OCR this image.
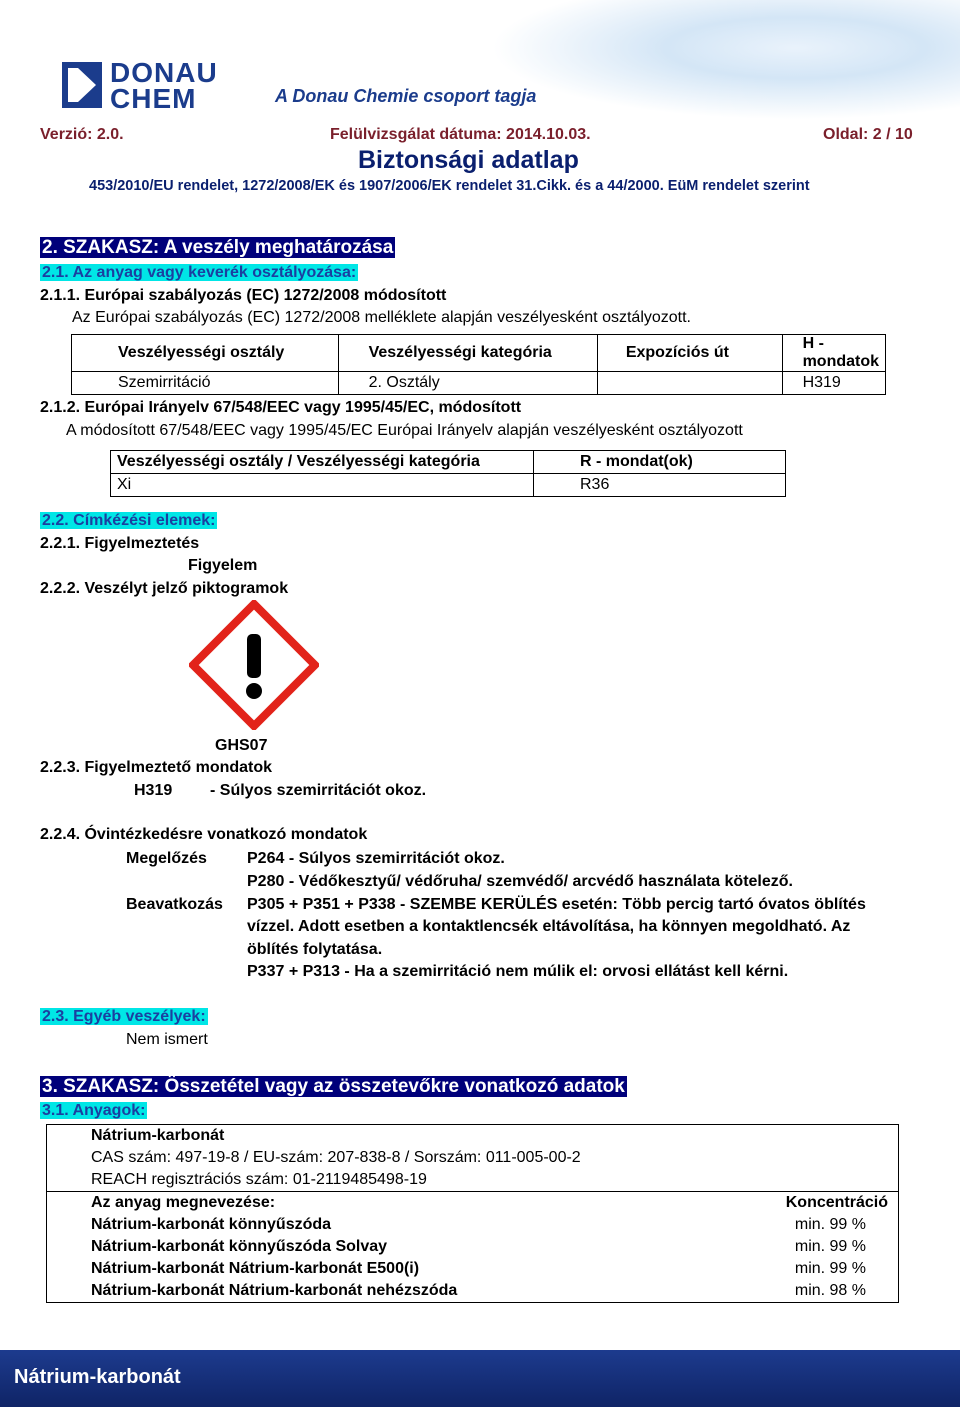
DONAU
CHEM	A Donau Chemie csoport tagja
Verzió: 2.0.	Felülvizsgálat dátuma: 2014.10.03.	Oldal: 2 / 10
Biztonsági adatlap
453/2010/EU rendelet, 1272/2008/EK és 1907/2006/EK rendelet 31.Cikk. és a 44/2000. EüM rendelet szerint
2. SZAKASZ: A veszély meghatározása
2.1. Az anyag vagy keverék osztályozása:
2.1.1. Európai szabályozás (EC) 1272/2008 módosított
Az Európai szabályozás (EC) 1272/2008 melléklete alapján veszélyesként osztályozott.
Veszélyességi osztály	Veszélyességi kategória	Expozíciós út	H - mondatok
Szemirritáció	2. Osztály		H319
2.1.2. Európai Irányelv 67/548/EEC vagy 1995/45/EC, módosított
A módosított 67/548/EEC vagy 1995/45/EC Európai Irányelv alapján veszélyesként osztályozott
Veszélyességi osztály / Veszélyességi kategória	R - mondat(ok)
Xi	R36
2.2. Címkézési elemek:
2.2.1. Figyelmeztetés
Figyelem
2.2.2. Veszélyt jelző piktogramok
GHS07
2.2.3. Figyelmeztető mondatok
H319 - Súlyos szemirritációt okoz.
2.2.4. Óvintézkedésre vonatkozó mondatok
Megelőzés	P264 - Súlyos szemirritációt okoz.
P280 - Védőkesztyű/ védőruha/ szemvédő/ arcvédő használata kötelező.
Beavatkozás P305 + P351 + P338 - SZEMBE KERÜLÉS esetén: Több percig tartó óvatos öblítés
vízzel. Adott esetben a kontaktlencsék eltávolítása, ha könnyen megoldható. Az
öblítés folytatása.
P337 + P313 - Ha a szemirritáció nem múlik el: orvosi ellátást kell kérni.
2.3. Egyéb veszélyek:
Nem ismert
3. SZAKASZ: Összetétel vagy az összetevőkre vonatkozó adatok
3.1. Anyagok:
Nátrium-karbonát	
CAS szám: 497-19-8 / EU-szám: 207-838-8 / Sorszám: 011-005-00-2	
REACH regisztrációs szám: 01-2119485498-19	
Az anyag megnevezése:	Koncentráció
Nátrium-karbonát könnyűszóda	min. 99 %
Nátrium-karbonát könnyűszóda Solvay	min. 99 %
Nátrium-karbonát Nátrium-karbonát E500(i)	min. 99 %
Nátrium-karbonát Nátrium-karbonát nehézszóda	min. 98 %
Nátrium-karbonát
